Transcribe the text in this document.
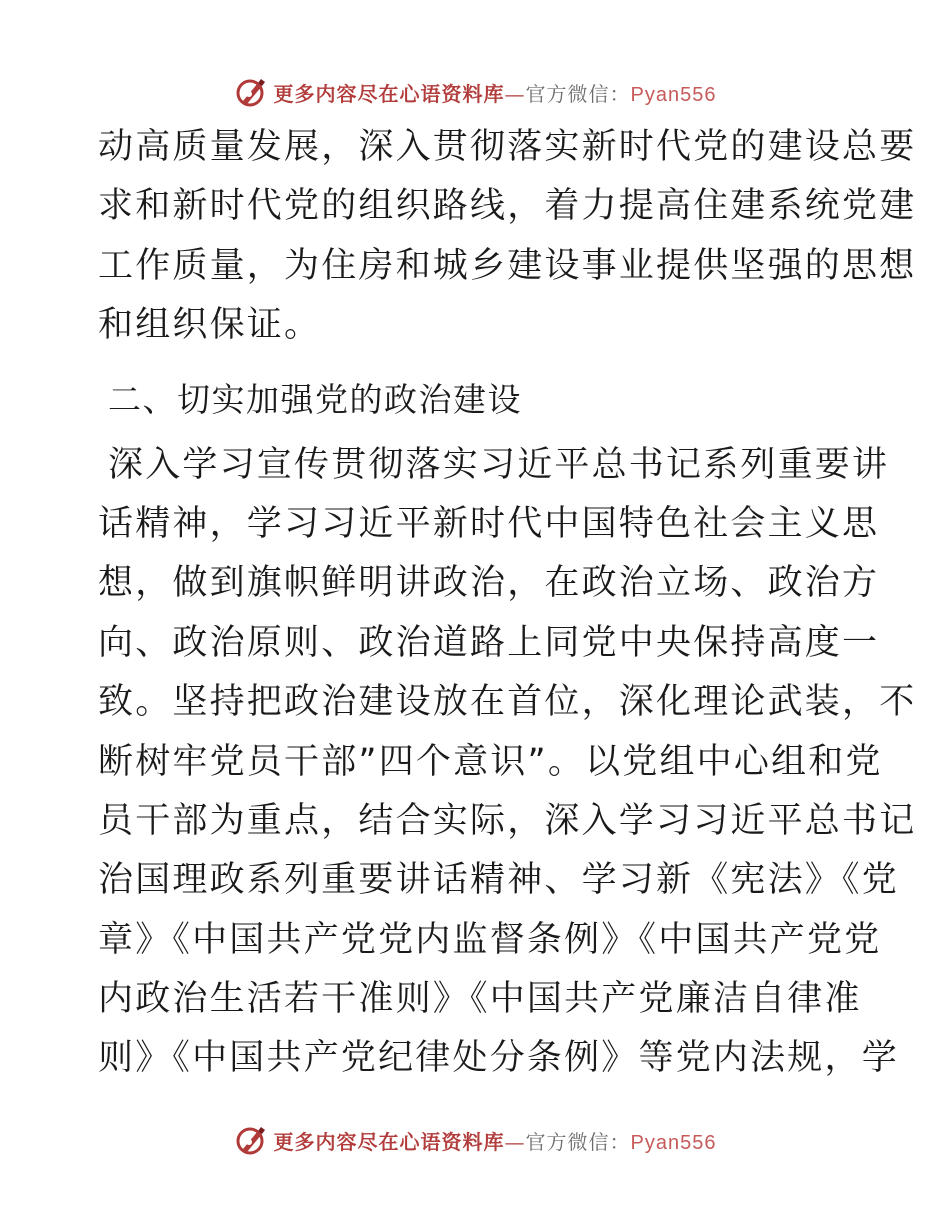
更多内容尽在心语资料库—官方微信：Pyan556
动高质量发展，深入贯彻落实新时代党的建设总要
求和新时代党的组织路线，着力提高住建系统党建
工作质量，为住房和城乡建设事业提供坚强的思想
和组织保证。
二、切实加强党的政治建设
深入学习宣传贯彻落实习近平总书记系列重要讲
话精神，学习习近平新时代中国特色社会主义思
想，做到旗帜鲜明讲政治，在政治立场、政治方
向、政治原则、政治道路上同党中央保持高度一
致。坚持把政治建设放在首位，深化理论武装，不
断树牢党员干部”四个意识”。以党组中心组和党
员干部为重点，结合实际，深入学习习近平总书记
治国理政系列重要讲话精神、学习新《宪法》《党
章》《中国共产党党内监督条例》《中国共产党党
内政治生活若干准则》《中国共产党廉洁自律准
则》《中国共产党纪律处分条例》等党内法规，学
更多内容尽在心语资料库—官方微信：Pyan556
